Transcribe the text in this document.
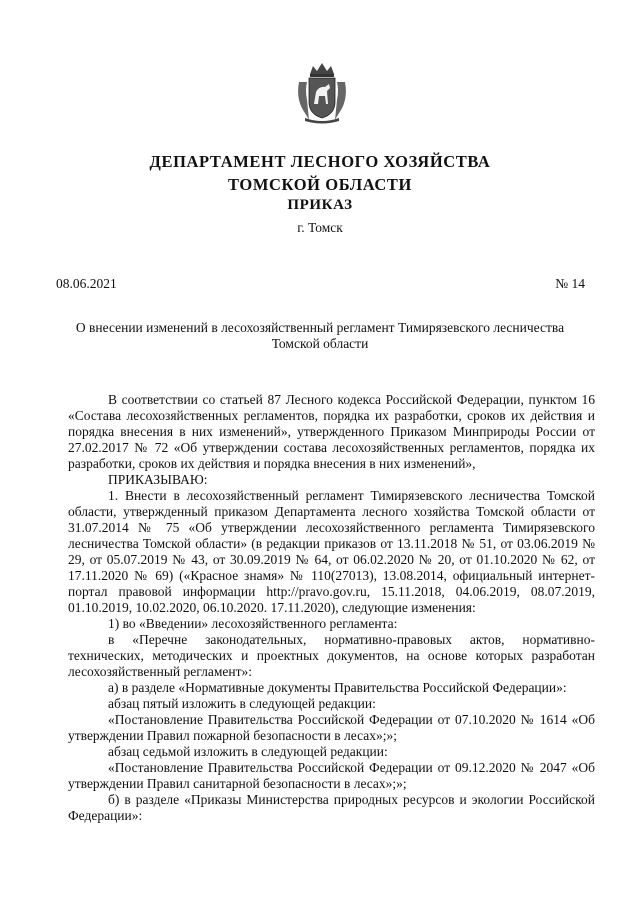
ДЕПАРТАМЕНТ ЛЕСНОГО ХОЗЯЙСТВА
ТОМСКОЙ ОБЛАСТИ
ПРИКАЗ
г. Томск
08.06.2021	№ 14
О внесении изменений в лесохозяйственный регламент Тимирязевского лесничества Томской области

В соответствии со статьей 87 Лесного кодекса Российской Федерации, пунктом 16 «Состава лесохозяйственных регламентов, порядка их разработки, сроков их действия и порядка внесения в них изменений», утвержденного Приказом Минприроды России от 27.02.2017 № 72 «Об утверждении состава лесохозяйственных регламентов, порядка их разработки, сроков их действия и порядка внесения в них изменений»,

ПРИКАЗЫВАЮ:

1. Внести в лесохозяйственный регламент Тимирязевского лесничества Томской области, утвержденный приказом Департамента лесного хозяйства Томской области от 31.07.2014 № 75 «Об утверждении лесохозяйственного регламента Тимирязевского лесничества Томской области» (в редакции приказов от 13.11.2018 № 51, от 03.06.2019 № 29, от 05.07.2019 № 43, от 30.09.2019 № 64, от 06.02.2020 № 20, от 01.10.2020 № 62, от 17.11.2020 № 69) («Красное знамя» № 110(27013), 13.08.2014, официальный интернет-портал правовой информации http://pravo.gov.ru, 15.11.2018, 04.06.2019, 08.07.2019, 01.10.2019, 10.02.2020, 06.10.2020. 17.11.2020), следующие изменения:

1) во «Введении» лесохозяйственного регламента:

в «Перечне законодательных, нормативно-правовых актов, нормативно-технических, методических и проектных документов, на основе которых разработан лесохозяйственный регламент»:

а) в разделе «Нормативные документы Правительства Российской Федерации»:

абзац пятый изложить в следующей редакции:

«Постановление Правительства Российской Федерации от 07.10.2020 № 1614 «Об утверждении Правил пожарной безопасности в лесах»;»;

абзац седьмой изложить в следующей редакции:

«Постановление Правительства Российской Федерации от 09.12.2020 № 2047 «Об утверждении Правил санитарной безопасности в лесах»;»;

б) в разделе «Приказы Министерства природных ресурсов и экологии Российской Федерации»:
